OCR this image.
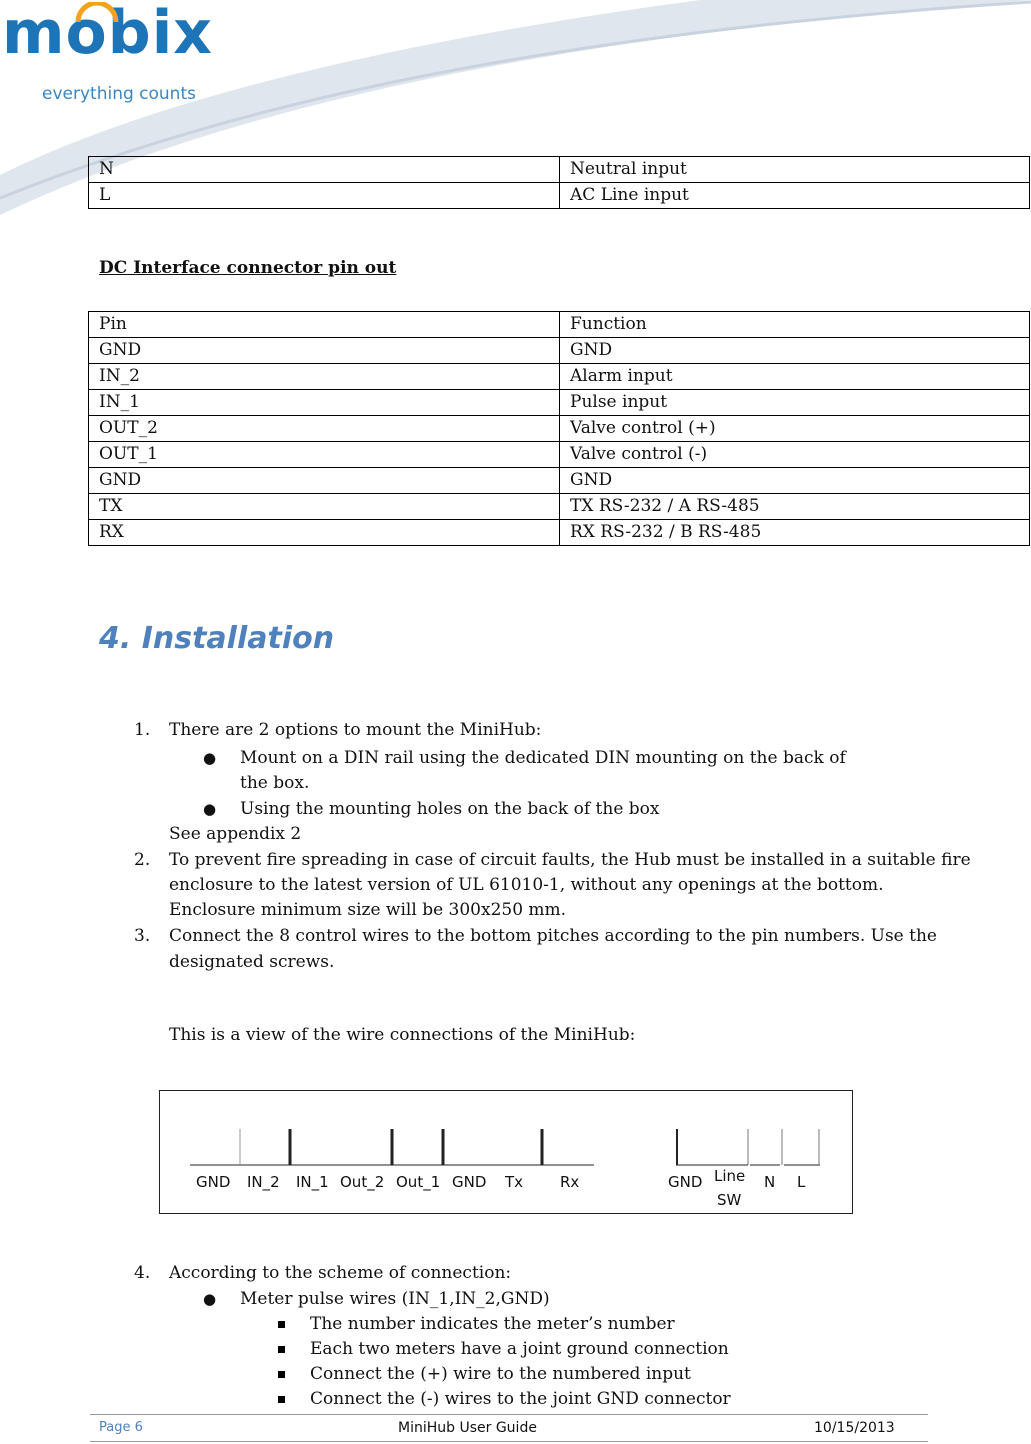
mobix

everything counts

N	Neutral input
L	AC Line input

DC Interface connector pin out

Pin	Function
GND	GND
IN_2	Alarm input
IN_1	Pulse input
OUT_2	Valve control (+)
OUT_1	Valve control (-)
GND	GND
TX	TX RS-232 / A RS-485
RX	RX RS-232 / B RS-485
4. Installation

1. There are 2 options to mount the MiniHub:

● Mount on a DIN rail using the dedicated DIN mounting on the back of

the box.

● Using the mounting holes on the back of the box

See appendix 2

2. To prevent fire spreading in case of circuit faults, the Hub must be installed in a suitable fire

enclosure to the latest version of UL 61010-1, without any openings at the bottom.

Enclosure minimum size will be 300x250 mm.

3. Connect the 8 control wires to the bottom pitches according to the pin numbers. Use the

designated screws.

This is a view of the wire connections of the MiniHub:

GND IN_2 IN_1 Out_2 Out_1 GND Tx Rx	GND Line

SW

N L

4. According to the scheme of connection:

● Meter pulse wires (IN_1,IN_2,GND)

The number indicates the meter’s number

Each two meters have a joint ground connection

Connect the (+) wire to the numbered input

Connect the (-) wires to the joint GND connector

Page 6	MiniHub User Guide	10/15/2013
